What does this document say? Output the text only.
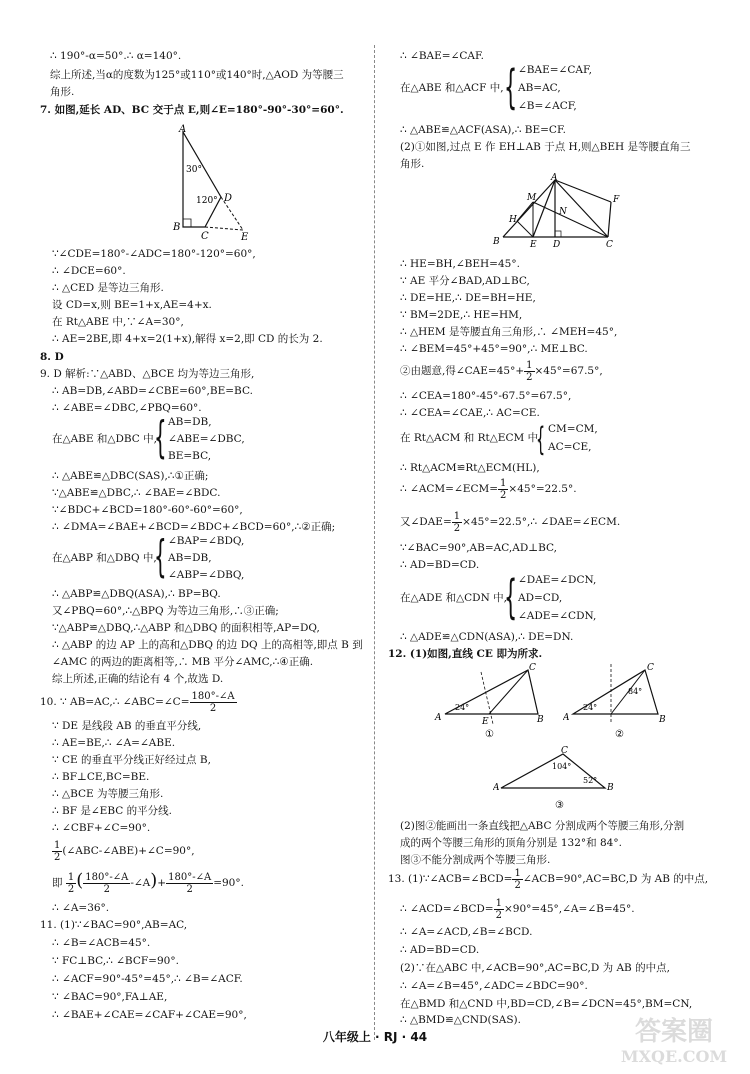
∴ 190°-α=50°.∴ α=140°.
综上所述,当α的度数为125°或110°或140°时,△AOD 为等腰三
角形.
7. 如图,延长 AD、BC 交于点 E,则∠E=180°-90°-30°=60°.
A
B
C
D
E
30°
120°
∵∠CDE=180°-∠ADC=180°-120°=60°,
∴ ∠DCE=60°.
∴ △CED 是等边三角形.
设 CD=x,则 BE=1+x,AE=4+x.
在 Rt△ABE 中,∵∠A=30°,
∴ AE=2BE,即 4+x=2(1+x),解得 x=2,即 CD 的长为 2.
8. D
9. D 解析:∵△ABD、△BCE 均为等边三角形,
∴ AB=DB,∠ABD=∠CBE=60°,BE=BC.
∴ ∠ABE=∠DBC,∠PBQ=60°.
在△ABE 和△DBC 中,
{ AB=DB,
∠ABE=∠DBC,
BE=BC,
∴ △ABE≌△DBC(SAS),∴①正确;
∵△ABE≌△DBC,∴ ∠BAE=∠BDC.
∵∠BDC+∠BCD=180°-60°-60°=60°,
∴ ∠DMA=∠BAE+∠BCD=∠BDC+∠BCD=60°,∴②正确;
在△ABP 和△DBQ 中,
{ ∠BAP=∠BDQ,
AB=DB,
∠ABP=∠DBQ,
∴ △ABP≌△DBQ(ASA),∴ BP=BQ.
又∠PBQ=60°,∴△BPQ 为等边三角形,∴③正确;
∵△ABP≌△DBQ,∴△ABP 和△DBQ 的面积相等,AP=DQ,
∴ △ABP 的边 AP 上的高和△DBQ 的边 DQ 上的高相等,即点 B 到
∠AMC 的两边的距离相等,∴ MB 平分∠AMC,∴④正确.
综上所述,正确的结论有 4 个,故选 D.
10. ∵ AB=AC,∴ ∠ABC=∠C= $\frac{180^\circ-\angle A}{2}$
∵ DE 是线段 AB 的垂直平分线,
∴ AE=BE,∴ ∠A=∠ABE.
∵ CE 的垂直平分线正好经过点 B,
∴ BF⊥CE,BC=BE.
∴ △BCE 为等腰三角形.
∴ BF 是∠EBC 的平分线.
∴ ∠CBF+∠C=90°.
$\frac{1}{2}$ (∠ABC-∠ABE)+∠C=90°,
即 $\frac{1}{2}$ ( $\frac{180^\circ-\angle A}{2}$ -∠A)+ $\frac{180^\circ-\angle A}{2} =90^\circ$.
∴ ∠A=36°.
11. (1)∵∠BAC=90°,AB=AC,
∴ ∠B=∠ACB=45°.
∵ FC⊥BC,∴ ∠BCF=90°.
∴ ∠ACF=90°-45°=45°,∴ ∠B=∠ACF.
∵ ∠BAC=90°,FA⊥AE,
∴ ∠BAE+∠CAE=∠CAF+∠CAE=90°,
∴ ∠BAE=∠CAF.
在△ABE 和△ACF 中, { ∠BAE=∠CAF,
AB=AC,
∠B=∠ACF,
∴ △ABE≌△ACF(ASA),∴ BE=CF.
(2)①如图,过点 E 作 EH⊥AB 于点 H,则△BEH 是等腰直角三
角形.
A
B	C
D
E
F
H
M
N
∴ HE=BH,∠BEH=45°.
∵ AE 平分∠BAD,AD⊥BC,
∴ DE=HE,∴ DE=BH=HE,
∵ BM=2DE,∴ HE=HM,
∴ △HEM 是等腰直角三角形,∴ ∠MEH=45°,
∴ ∠BEM=45°+45°=90°,∴ ME⊥BC.
②由题意,得∠CAE=45°+ $\frac{1}{2} \times 45^\circ=67.5^\circ$,
∴ ∠CEA=180°-45°-67.5°=67.5°,
∴ ∠CEA=∠CAE,∴ AC=CE.
在 Rt△ACM 和 Rt△ECM 中,
{ CM=CM,
AC=CE,
∴ Rt△ACM≌Rt△ECM(HL),
∴ ∠ACM=∠ECM= $\frac{1}{2} \times 45^\circ=22.5^\circ$.
又∠DAE= $\frac{1}{2}$ ×45°=22.5°,∴ ∠DAE=∠ECM.
∵∠BAC=90°,AB=AC,AD⊥BC,
∴ AD=BD=CD.
在△ADE 和△CDN 中,
{ ∠DAE=∠DCN,
AD=CD,
∠ADE=∠CDN,
∴ △ADE≌△CDN(ASA),∴ DE=DN.
12. (1)如图,直线 CE 即为所求.
A	B
C
E
24°
①
A	B
C
24°
84°
②
A	B
C
104°
52°
③
(2)图②能画出一条直线把△ABC 分割成两个等腰三角形,分割
成的两个等腰三角形的顶角分别是 132°和 84°.
图③不能分割成两个等腰三角形.
13. (1)∵∠ACB=∠BCD= $\frac{1}{2}$ ∠ACB=90°,AC=BC,D 为 AB 的中点,
∴ ∠ACD=∠BCD= $\frac{1}{2}$ ×90°=45°,∠A=∠B=45°.
∴ ∠A=∠ACD,∠B=∠BCD.
∴ AD=BD=CD.
(2)∵在△ABC 中,∠ACB=90°,AC=BC,D 为 AB 的中点,
∴ ∠A=∠B=45°,∠ADC=∠BDC=90°.
在△BMD 和△CND 中,BD=CD,∠B=∠DCN=45°,BM=CN,
∴ △BMD≌△CND(SAS).
八年级上 · RJ · 44	答案圈
MXQE.COM
